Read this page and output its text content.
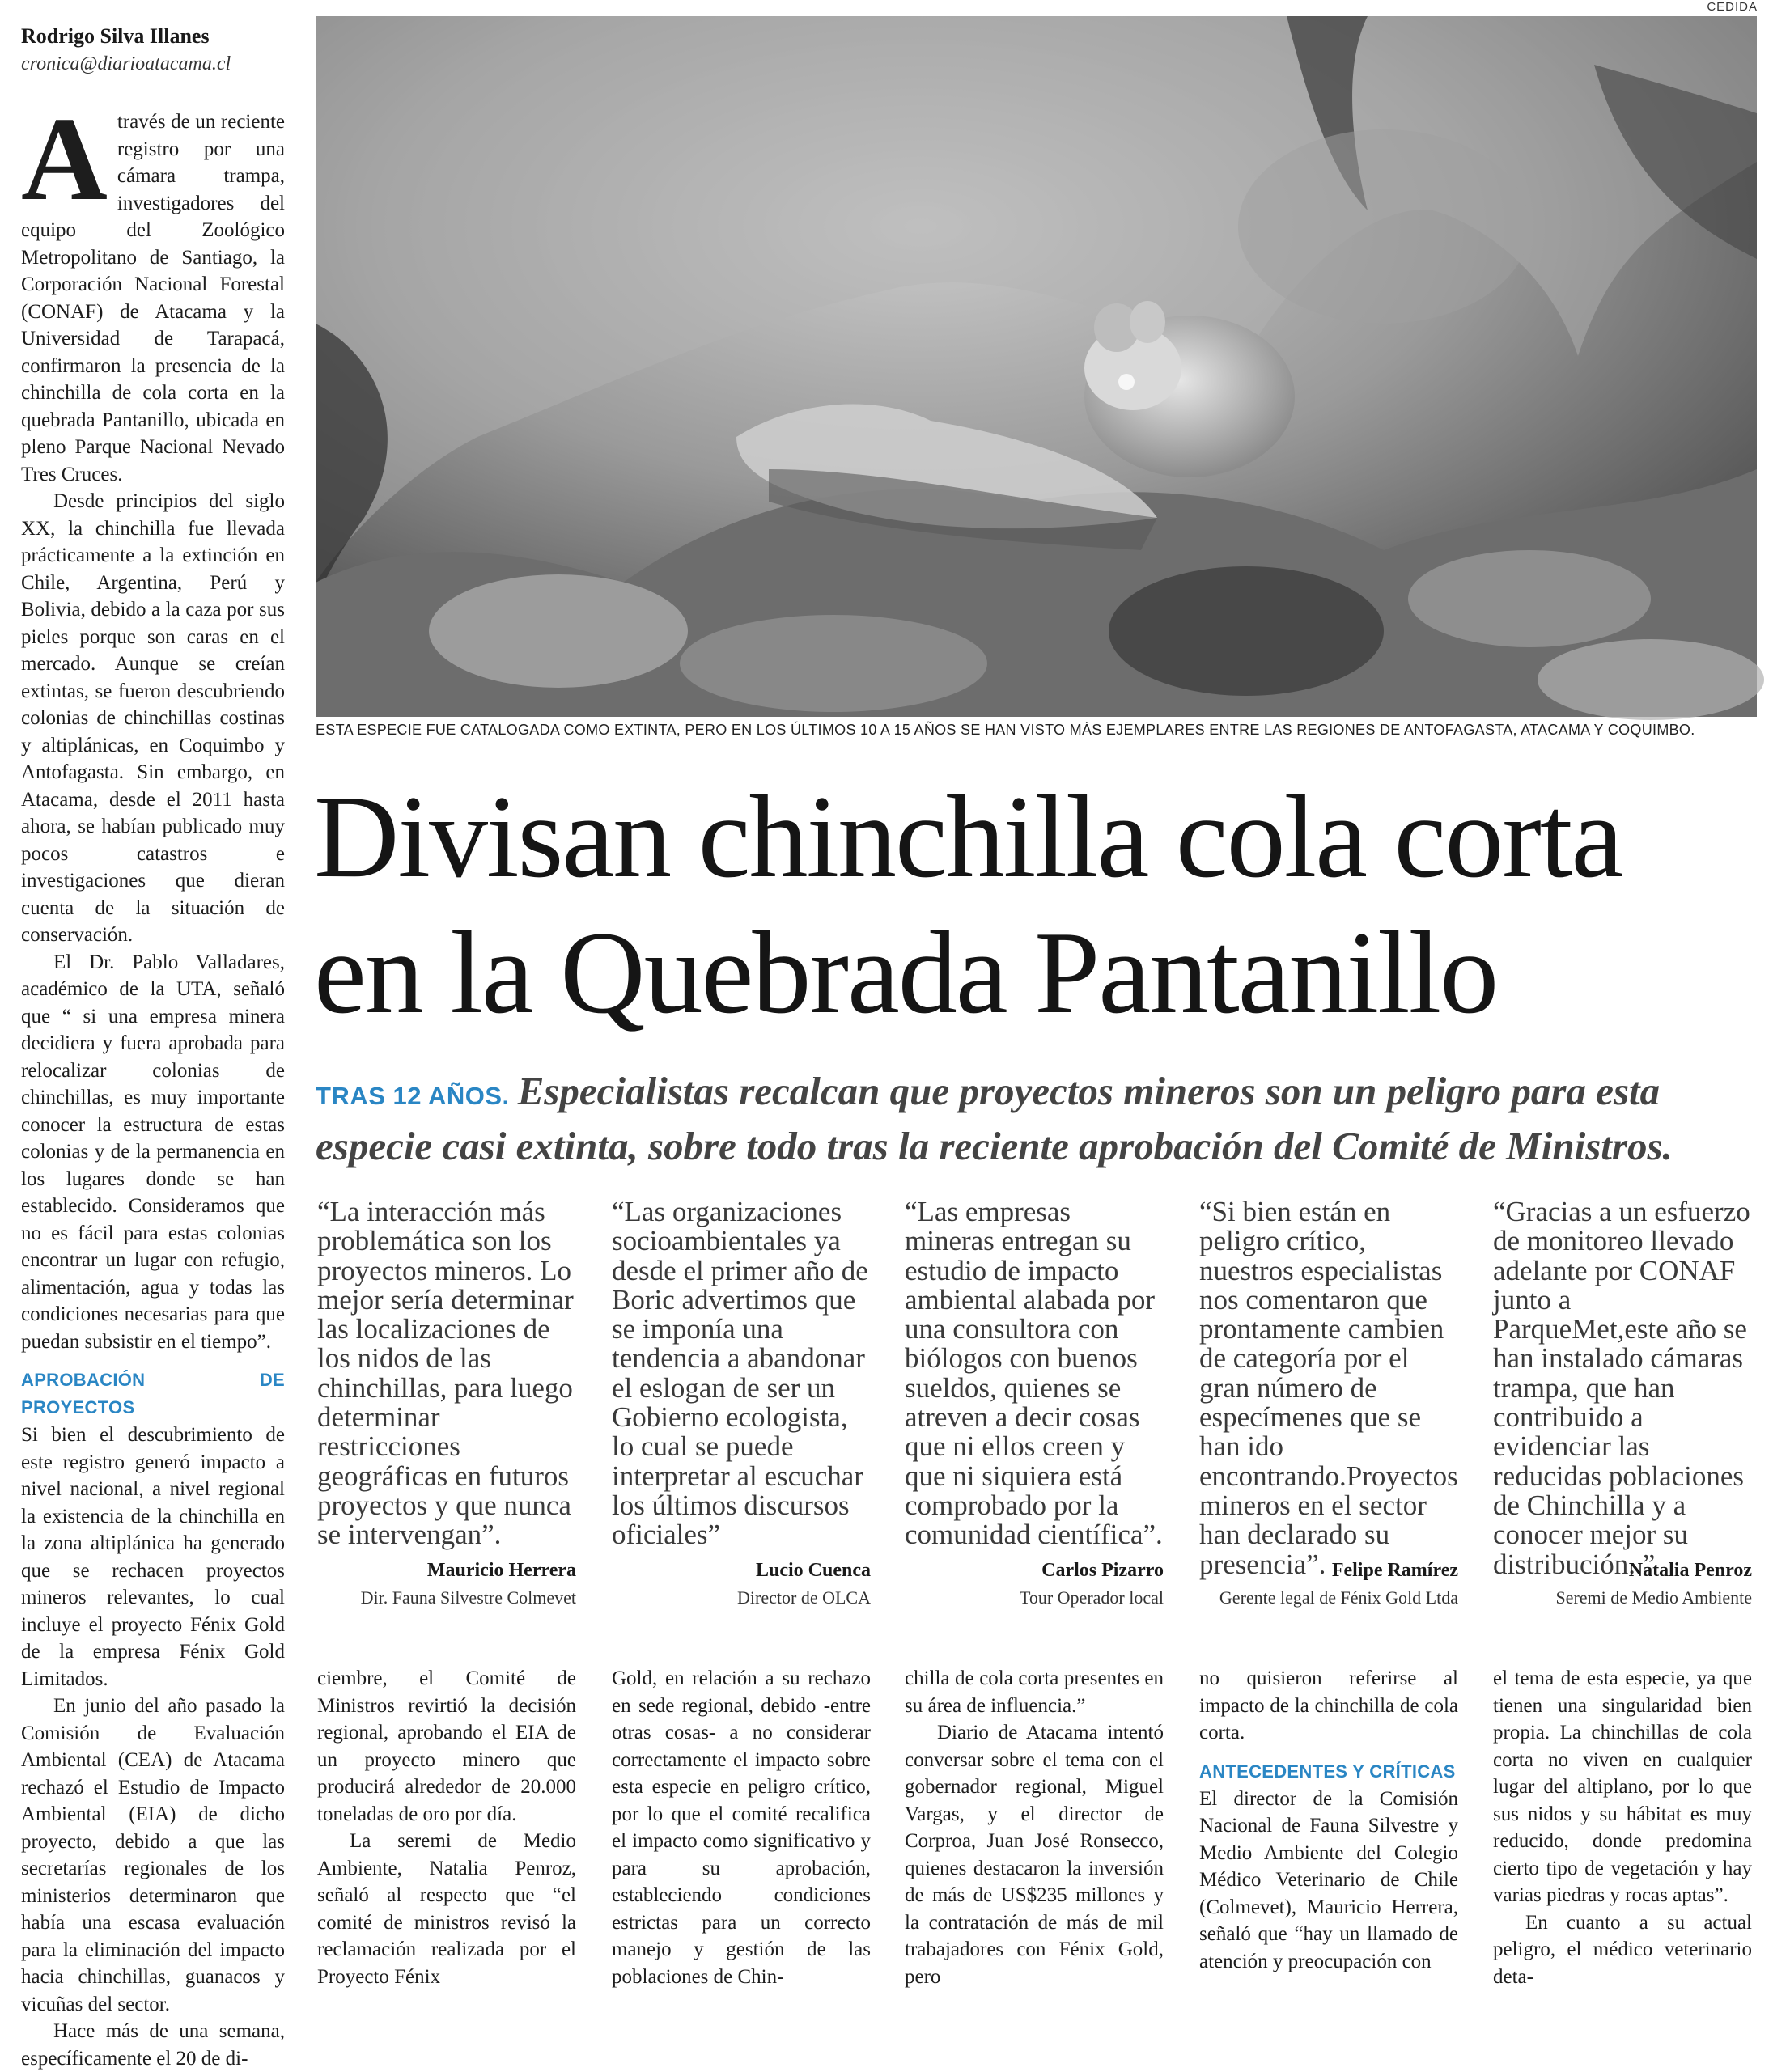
Rodrigo Silva Illanes
cronica@diarioatacama.cl
CEDIDA
ESTA ESPECIE FUE CATALOGADA COMO EXTINTA, PERO EN LOS ÚLTIMOS 10 A 15 AÑOS SE HAN VISTO MÁS EJEMPLARES ENTRE LAS REGIONES DE ANTOFAGASTA, ATACAMA Y COQUIMBO.
Divisan chinchilla cola corta
en la Quebrada Pantanillo
TRAS 12 AÑOS. Especialistas recalcan que proyectos mineros son un peligro para esta especie casi extinta, sobre todo tras la reciente aprobación del Comité de Ministros.

Através de un reciente registro por una cámara trampa, investigadores del equipo del Zoológico Metropolitano de Santiago, la Corporación Nacional Forestal (CONAF) de Atacama y la Universidad de Tarapacá, confirmaron la presencia de la chinchilla de cola corta en la quebrada Pantanillo, ubicada en pleno Parque Nacional Nevado Tres Cruces.

Desde principios del siglo XX, la chinchilla fue llevada prácticamente a la extinción en Chile, Argentina, Perú y Bolivia, debido a la caza por sus pieles porque son caras en el mercado. Aunque se creían extintas, se fueron descubriendo colonias de chinchillas costinas y altiplánicas, en Coquimbo y Antofagasta. Sin embargo, en Atacama, desde el 2011 hasta ahora, se habían publicado muy pocos catastros e investigaciones que dieran cuenta de la situación de conservación.

El Dr. Pablo Valladares, académico de la UTA, señaló que “ si una empresa minera decidiera y fuera aprobada para relocalizar colonias de chinchillas, es muy importante conocer la estructura de estas colonias y de la permanencia en los lugares donde se han establecido. Consideramos que no es fácil para estas colonias encontrar un lugar con refugio, alimentación, agua y todas las condiciones necesarias para que puedan subsistir en el tiempo”.

APROBACIÓN DE PROYECTOS

Si bien el descubrimiento de este registro generó impacto a nivel nacional, a nivel regional la existencia de la chinchilla en la zona altiplánica ha generado que se rechacen proyectos mineros relevantes, lo cual incluye el proyecto Fénix Gold de la empresa Fénix Gold Limitados.

En junio del año pasado la Comisión de Evaluación Ambiental (CEA) de Atacama rechazó el Estudio de Impacto Ambiental (EIA) de dicho proyecto, debido a que las secretarías regionales de los ministerios determinaron que había una escasa evaluación para la eliminación del impacto hacia chinchillas, guanacos y vicuñas del sector.

Hace más de una semana, específicamente el 20 de di-

“La interacción más problemática son los proyectos mineros. Lo mejor sería determinar las localizaciones de los nidos de las chinchillas, para luego determinar restricciones geográficas en futuros proyectos y que nunca se intervengan”.
Mauricio Herrera
Dir. Fauna Silvestre Colmevet
“Las organizaciones socioambientales ya desde el primer año de Boric advertimos que se imponía una tendencia a abandonar el eslogan de ser un Gobierno ecologista, lo cual se puede interpretar al escuchar los últimos discursos oficiales”
Lucio Cuenca
Director de OLCA
“Las empresas mineras entregan su estudio de impacto ambiental alabada por una consultora con biólogos con buenos sueldos, quienes se atreven a decir cosas que ni ellos creen y que ni siquiera está comprobado por la comunidad científica”.
Carlos Pizarro
Tour Operador local
“Si bien están en peligro crítico, nuestros especialistas nos comentaron que prontamente cambien de categoría por el gran número de especímenes que se han ido encontrando.Proyectos mineros en el sector han declarado su presencia”. Felipe Ramírez
Gerente legal de Fénix Gold Ltda
“Gracias a un esfuerzo de monitoreo llevado adelante por CONAF junto a ParqueMet,este año se han instalado cámaras trampa, que han contribuido a evidenciar las reducidas poblaciones de Chinchilla y a conocer mejor su distribución. ”
Natalia Penroz
Seremi de Medio Ambiente

ciembre, el Comité de Ministros revirtió la decisión regional, aprobando el EIA de un proyecto minero que producirá alrededor de 20.000 toneladas de oro por día.

La seremi de Medio Ambiente, Natalia Penroz, señaló al respecto que “el comité de ministros revisó la reclamación realizada por el Proyecto Fénix

Gold, en relación a su rechazo en sede regional, debido -entre otras cosas- a no considerar correctamente el impacto sobre esta especie en peligro crítico, por lo que el comité recalifica el impacto como significativo y para su aprobación, estableciendo condiciones estrictas para un correcto manejo y gestión de las poblaciones de Chin-

chilla de cola corta presentes en su área de influencia.”

Diario de Atacama intentó conversar sobre el tema con el gobernador regional, Miguel Vargas, y el director de Corproa, Juan José Ronsecco, quienes destacaron la inversión de más de US$235 millones y la contratación de más de mil trabajadores con Fénix Gold, pero

no quisieron referirse al impacto de la chinchilla de cola corta.

ANTECEDENTES Y CRÍTICAS

El director de la Comisión Nacional de Fauna Silvestre y Medio Ambiente del Colegio Médico Veterinario de Chile (Colmevet), Mauricio Herrera, señaló que “hay un llamado de atención y preocupación con

el tema de esta especie, ya que tienen una singularidad bien propia. La chinchillas de cola corta no viven en cualquier lugar del altiplano, por lo que sus nidos y su hábitat es muy reducido, donde predomina cierto tipo de vegetación y hay varias piedras y rocas aptas”.

En cuanto a su actual peligro, el médico veterinario deta-
